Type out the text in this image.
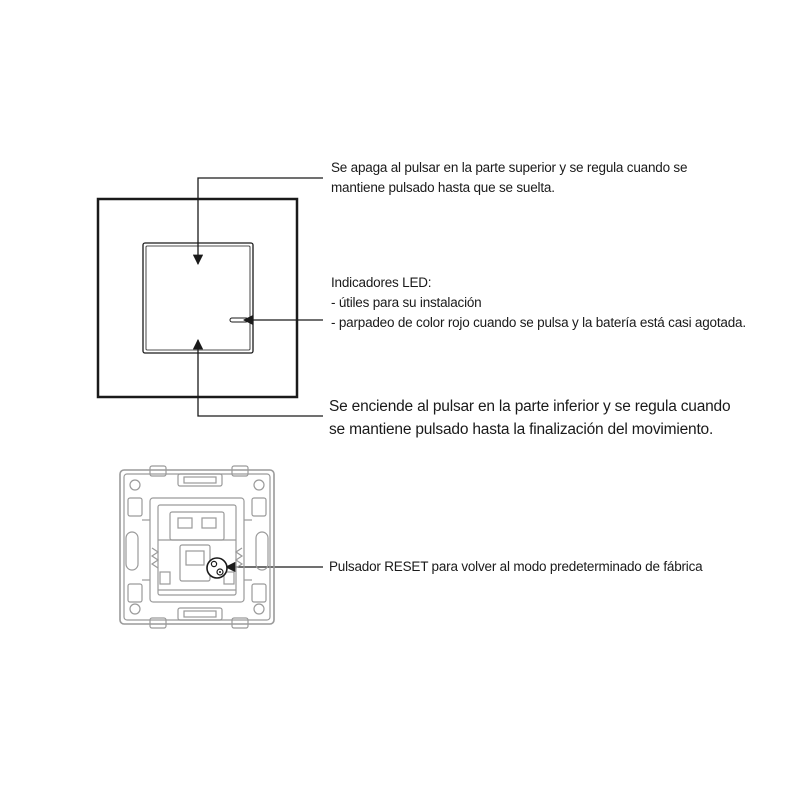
Se apaga al pulsar en la parte superior y se regula cuando se
mantiene pulsado hasta que se suelta.
Indicadores LED:
- útiles para su instalación
- parpadeo de color rojo cuando se pulsa y la batería está casi agotada.
Se enciende al pulsar en la parte inferior y se regula cuando
se mantiene pulsado hasta la finalización del movimiento.
Pulsador RESET para volver al modo predeterminado de fábrica
